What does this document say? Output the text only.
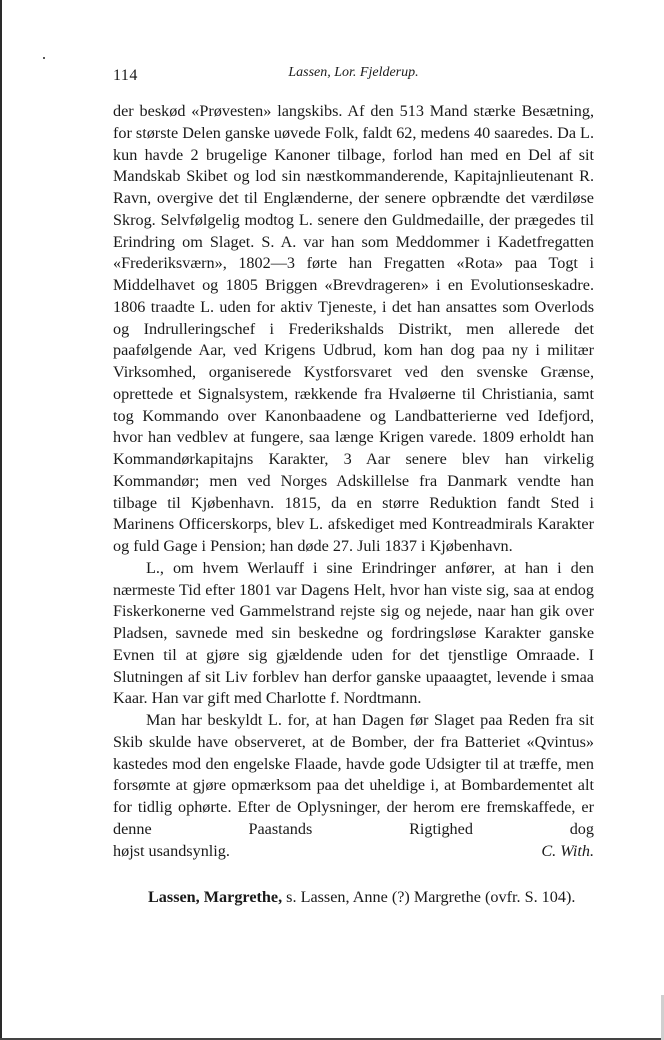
114	Lassen, Lor. Fjelderup.

der beskød «Prøvesten» langskibs. Af den 513 Mand stærke Besætning, for største Delen ganske uøvede Folk, faldt 62, medens 40 saaredes. Da L. kun havde 2 brugelige Kanoner tilbage, forlod han med en Del af sit Mandskab Skibet og lod sin næstkommanderende, Kapitajnlieutenant R. Ravn, overgive det til Englænderne, der senere opbrændte det værdiløse Skrog. Selvfølgelig modtog L. senere den Guldmedaille, der prægedes til Erindring om Slaget. S. A. var han som Meddommer i Kadetfregatten «Frederiksværn», 1802—3 førte han Fregatten «Rota» paa Togt i Middelhavet og 1805 Briggen «Brevdrageren» i en Evolutionseskadre. 1806 traadte L. uden for aktiv Tjeneste, i det han ansattes som Overlods og Indrulleringschef i Frederikshalds Distrikt, men allerede det paafølgende Aar, ved Krigens Udbrud, kom han dog paa ny i militær Virksomhed, organiserede Kystforsvaret ved den svenske Grænse, oprettede et Signalsystem, rækkende fra Hvaløerne til Christiania, samt tog Kommando over Kanonbaadene og Landbatterierne ved Idefjord, hvor han vedblev at fungere, saa længe Krigen varede. 1809 erholdt han Kommandørkapitajns Karakter, 3 Aar senere blev han virkelig Kommandør; men ved Norges Adskillelse fra Danmark vendte han tilbage til Kjøbenhavn. 1815, da en større Reduktion fandt Sted i Marinens Officerskorps, blev L. afskediget med Kontreadmirals Karakter og fuld Gage i Pension; han døde 27. Juli 1837 i Kjøbenhavn.

L., om hvem Werlauff i sine Erindringer anfører, at han i den nærmeste Tid efter 1801 var Dagens Helt, hvor han viste sig, saa at endog Fiskerkonerne ved Gammelstrand rejste sig og nejede, naar han gik over Pladsen, savnede med sin beskedne og fordringsløse Karakter ganske Evnen til at gjøre sig gjældende uden for det tjenstlige Omraade. I Slutningen af sit Liv forblev han derfor ganske upaaagtet, levende i smaa Kaar. Han var gift med Charlotte f. Nordtmann.

Man har beskyldt L. for, at han Dagen før Slaget paa Reden fra sit Skib skulde have observeret, at de Bomber, der fra Batteriet «Qvintus» kastedes mod den engelske Flaade, havde gode Udsigter til at træffe, men forsømte at gjøre opmærksom paa det uheldige i, at Bombardementet alt for tidlig ophørte. Efter de Oplysninger, der herom ere fremskaffede, er denne Paastands Rigtighed dog

højst usandsynlig.	C. With.
Lassen, Margrethe, s. Lassen, Anne (?) Margrethe (ovfr. S. 104).
